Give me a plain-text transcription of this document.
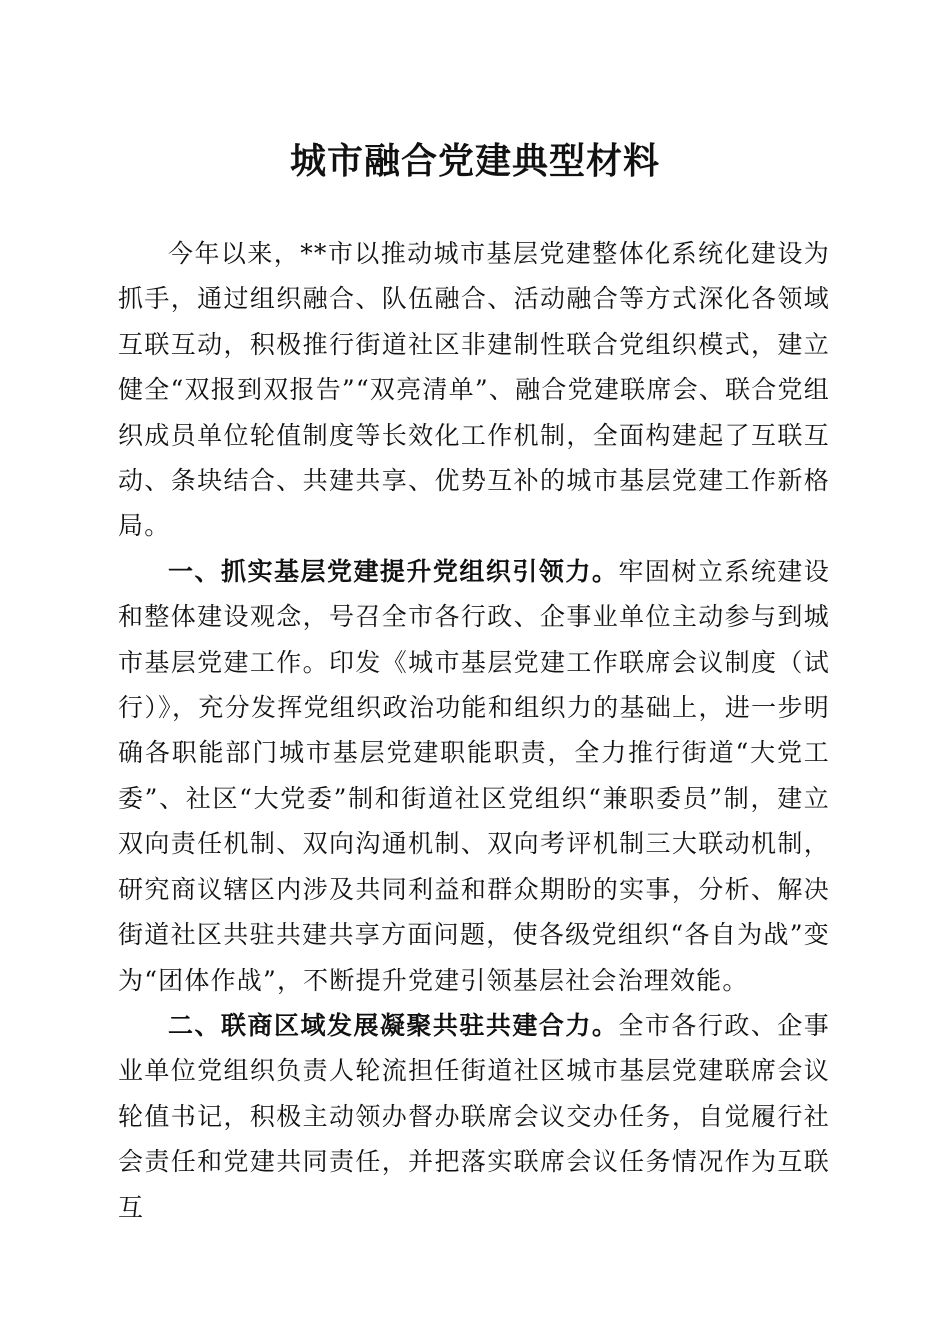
城市融合党建典型材料

今年以来，**市以推动城市基层党建整体化系统化建设为抓手，通过组织融合、队伍融合、活动融合等方式深化各领域互联互动，积极推行街道社区非建制性联合党组织模式，建立健全“双报到双报告”“双亮清单”、融合党建联席会、联合党组织成员单位轮值制度等长效化工作机制，全面构建起了互联互动、条块结合、共建共享、优势互补的城市基层党建工作新格局。

一、抓实基层党建提升党组织引领力。牢固树立系统建设和整体建设观念，号召全市各行政、企事业单位主动参与到城市基层党建工作。印发《城市基层党建工作联席会议制度（试行）》，充分发挥党组织政治功能和组织力的基础上，进一步明确各职能部门城市基层党建职能职责，全力推行街道“大党工委”、社区“大党委”制和街道社区党组织“兼职委员”制，建立双向责任机制、双向沟通机制、双向考评机制三大联动机制，研究商议辖区内涉及共同利益和群众期盼的实事，分析、解决街道社区共驻共建共享方面问题，使各级党组织“各自为战”变为“团体作战”，不断提升党建引领基层社会治理效能。

二、联商区域发展凝聚共驻共建合力。全市各行政、企事业单位党组织负责人轮流担任街道社区城市基层党建联席会议轮值书记，积极主动领办督办联席会议交办任务，自觉履行社会责任和党建共同责任，并把落实联席会议任务情况作为互联互
